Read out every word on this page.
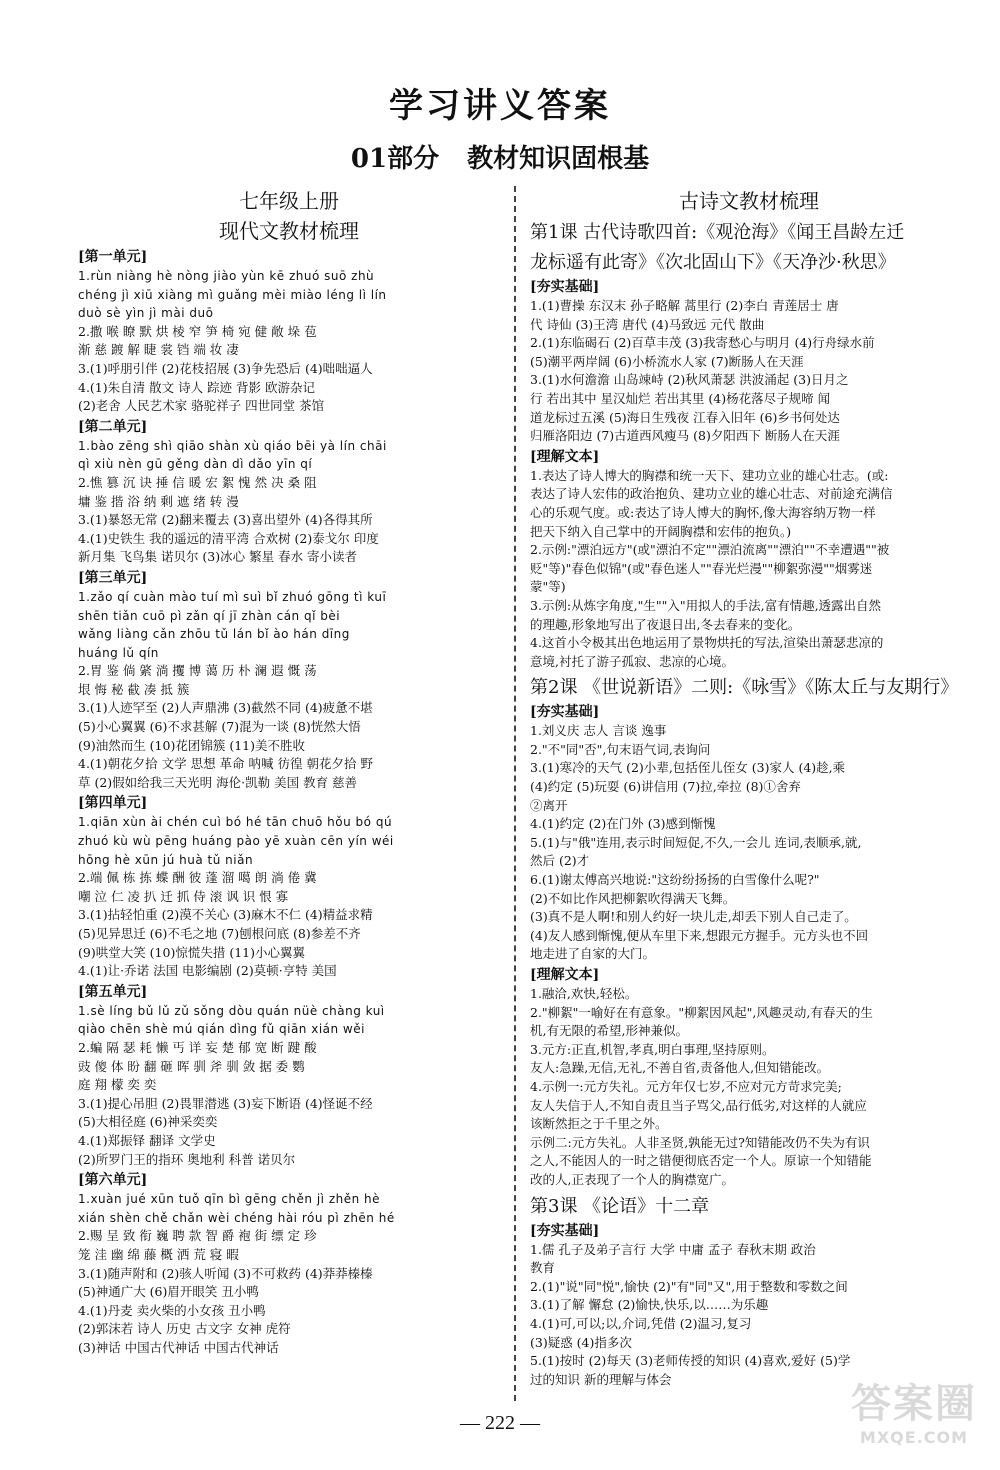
学习讲义答案
01部分 教材知识固根基
七年级上册
现代文教材梳理
[第一单元]
1.rùn niàng hè nòng jiào yùn kē zhuó suō zhù
chéng jì xiū xiàng mì guǎng mèi miào léng lì lín
duò sè yìn jì mài duō
2.撒 喉 瞭 默 烘 棱 窄 笋 椅 宛 健 敞 垛 苞
渐 慈 踱 解 睫 裳 铛 端 妆 凄
3.(1)呼朋引伴 (2)花枝招展 (3)争先恐后 (4)咄咄逼人
4.(1)朱自清 散文 诗人 踪迹 背影 欧游杂记
(2)老舍 人民艺术家 骆驼祥子 四世同堂 茶馆
[第二单元]
1.bào zēng shì qiāo shàn xù qiáo bēi yà lín chāi
qì xiù nèn gū gěng dàn dì dǎo yīn qí
2.憔 篡 沉 诀 捶 信 暖 宏 絮 愧 然 决 桑 阻
墉 鉴 揩 浴 纳 剩 遮 绪 转 漫
3.(1)暴怒无常 (2)翻来覆去 (3)喜出望外 (4)各得其所
4.(1)史铁生 我的遥远的清平湾 合欢树 (2)泰戈尔 印度
新月集 飞鸟集 诺贝尔 (3)冰心 繁星 春水 寄小读者
[第三单元]
1.zǎo qí cuàn mào tuí mì suì bǐ zhuó gōng tì kuī
shēn tiǎn cuō pì zǎn qí jī zhàn cán qǐ bèi
wǎng liàng cǎn zhōu tǔ lán bǐ ào hán dīng
huáng lǔ qín
2.胃 鉴 倘 綮 淌 攫 博 蔼 历 朴 澜 遐 慨 荡
垠 悔 秘 截 凑 抵 簇
3.(1)人迹罕至 (2)人声鼎沸 (3)截然不同 (4)疲惫不堪
(5)小心翼翼 (6)不求甚解 (7)混为一谈 (8)恍然大悟
(9)油然而生 (10)花团锦簇 (11)美不胜收
4.(1)朝花夕拾 文学 思想 革命 呐喊 彷徨 朝花夕拾 野
草 (2)假如给我三天光明 海伦·凯勒 美国 教育 慈善
[第四单元]
1.qiān xùn ài chén cuì bó hé tān chuō hǒu bó qú
zhuó kù wù pēng huáng pào yē xuàn cēn yín wéi
hōng hè xūn jú huà tǔ niǎn
2.端 佩 栋 拣 蝶 酬 彼 蓬 溜 噶 朗 淌 倦 冀
嘲 泣 仁 凌 扒 迁 抓 侍 滚 讽 识 恨 寡
3.(1)拈轻怕重 (2)漠不关心 (3)麻木不仁 (4)精益求精
(5)见异思迁 (6)不毛之地 (7)刨根问底 (8)参差不齐
(9)哄堂大笑 (10)惊慌失措 (11)小心翼翼
4.(1)让·乔诺 法国 电影编剧 (2)莫顿·亨特 美国
[第五单元]
1.sè líng bǔ lǔ zǔ sǒng dòu quán nüè chàng kuì
qiào chēn shè mú qián dìng fǔ qiān xián wěi
2.蝙 隔 瑟 耗 懒 丐 详 妄 楚 郁 宽 断 踺 酸
豉 傻 体 盼 翻 砸 晖 驯 斧 驯 敛 据 委 鹦
庭 翔 檬 奕 奕
3.(1)提心吊胆 (2)畏罪潜逃 (3)妄下断语 (4)怪诞不经
(5)大相径庭 (6)神采奕奕
4.(1)郑振铎 翻译 文学史
(2)所罗门王的指环 奥地利 科普 诺贝尔
[第六单元]
1.xuàn jué xūn tuǒ qīn bì gēng chěn jì zhěn hè
xián shèn chě chǎn wèi chéng hài róu pì zhēn hé
2.赐 呈 致 衔 巍 聘 款 智 爵 袍 街 缥 定 珍
笼 洼 幽 绵 藤 概 洒 荒 寝 暇
3.(1)随声附和 (2)骇人听闻 (3)不可救药 (4)莽莽榛榛
(5)神通广大 (6)眉开眼笑 丑小鸭
4.(1)丹麦 卖火柴的小女孩 丑小鸭
(2)郭沫若 诗人 历史 古文字 女神 虎符
(3)神话 中国古代神话 中国古代神话
古诗文教材梳理
第1课 古代诗歌四首:《观沧海》《闻王昌龄左迁
龙标遥有此寄》《次北固山下》《天净沙·秋思》
[夯实基础]
1.(1)曹操 东汉末 孙子略解 蒿里行 (2)李白 青莲居士 唐
代 诗仙 (3)王湾 唐代 (4)马致远 元代 散曲
2.(1)东临碣石 (2)百草丰茂 (3)我寄愁心与明月 (4)行舟绿水前
(5)潮平两岸阔 (6)小桥流水人家 (7)断肠人在天涯
3.(1)水何澹澹 山岛竦峙 (2)秋风萧瑟 洪波涌起 (3)日月之
行 若出其中 星汉灿烂 若出其里 (4)杨花落尽子规啼 闻
道龙标过五溪 (5)海日生残夜 江春入旧年 (6)乡书何处达
归雁洛阳边 (7)古道西风瘦马 (8)夕阳西下 断肠人在天涯
[理解文本]
1.表达了诗人博大的胸襟和统一天下、建功立业的雄心壮志。(或:
表达了诗人宏伟的政治抱负、建功立业的雄心壮志、对前途充满信
心的乐观气度。或:表达了诗人博大的胸怀,像大海容纳万物一样
把天下纳入自己掌中的开阔胸襟和宏伟的抱负。)
2.示例:"漂泊远方"(或"漂泊不定""漂泊流离""漂泊""不幸遭遇""被
贬"等)"春色似锦"(或"春色迷人""春光烂漫""柳絮弥漫""烟雾迷
蒙"等)
3.示例:从炼字角度,"生""入"用拟人的手法,富有情趣,透露出自然
的理趣,形象地写出了夜退日出,冬去春来的变化。
4.这首小令极其出色地运用了景物烘托的写法,渲染出萧瑟悲凉的
意境,衬托了游子孤寂、悲凉的心境。
第2课 《世说新语》二则:《咏雪》《陈太丘与友期行》
[夯实基础]
1.刘义庆 志人 言谈 逸事
2."不"同"否",句末语气词,表询问
3.(1)寒冷的天气 (2)小辈,包括侄儿侄女 (3)家人 (4)趁,乘
(4)约定 (5)玩耍 (6)讲信用 (7)拉,牵拉 (8)①舍弃
②离开
4.(1)约定 (2)在门外 (3)感到惭愧
5.(1)与"俄"连用,表示时间短促,不久,一会儿 连词,表顺承,就,
然后 (2)才
6.(1)谢太傅高兴地说:"这纷纷扬扬的白雪像什么呢?"
(2)不如比作风把柳絮吹得满天飞舞。
(3)真不是人啊!和别人约好一块儿走,却丢下别人自己走了。
(4)友人感到惭愧,便从车里下来,想跟元方握手。元方头也不回
地走进了自家的大门。
[理解文本]
1.融洽,欢快,轻松。
2."柳絮"一喻好在有意象。"柳絮因风起",风趣灵动,有春天的生
机,有无限的希望,形神兼似。
3.元方:正直,机智,孝真,明白事理,坚持原则。
友人:急躁,无信,无礼,不善自省,责备他人,但知错能改。
4.示例一:元方失礼。元方年仅七岁,不应对元方苛求完美;
友人失信于人,不知自责且当子骂父,品行低劣,对这样的人就应
该断然拒之于千里之外。
示例二:元方失礼。人非圣贤,孰能无过?知错能改仍不失为有识
之人,不能因人的一时之错便彻底否定一个人。原谅一个知错能
改的人,正表现了一个人的胸襟宽广。
第3课 《论语》十二章
[夯实基础]
1.儒 孔子及弟子言行 大学 中庸 孟子 春秋末期 政治
教育
2.(1)"说"同"悦",愉快 (2)"有"同"又",用于整数和零数之间
3.(1)了解 懈怠 (2)愉快,快乐,以……为乐趣
4.(1)可,可以;以,介词,凭借 (2)温习,复习
(3)疑惑 (4)指多次
5.(1)按时 (2)每天 (3)老师传授的知识 (4)喜欢,爱好 (5)学
过的知识 新的理解与体会
— 222 —	答案圈
MXQE.COM
